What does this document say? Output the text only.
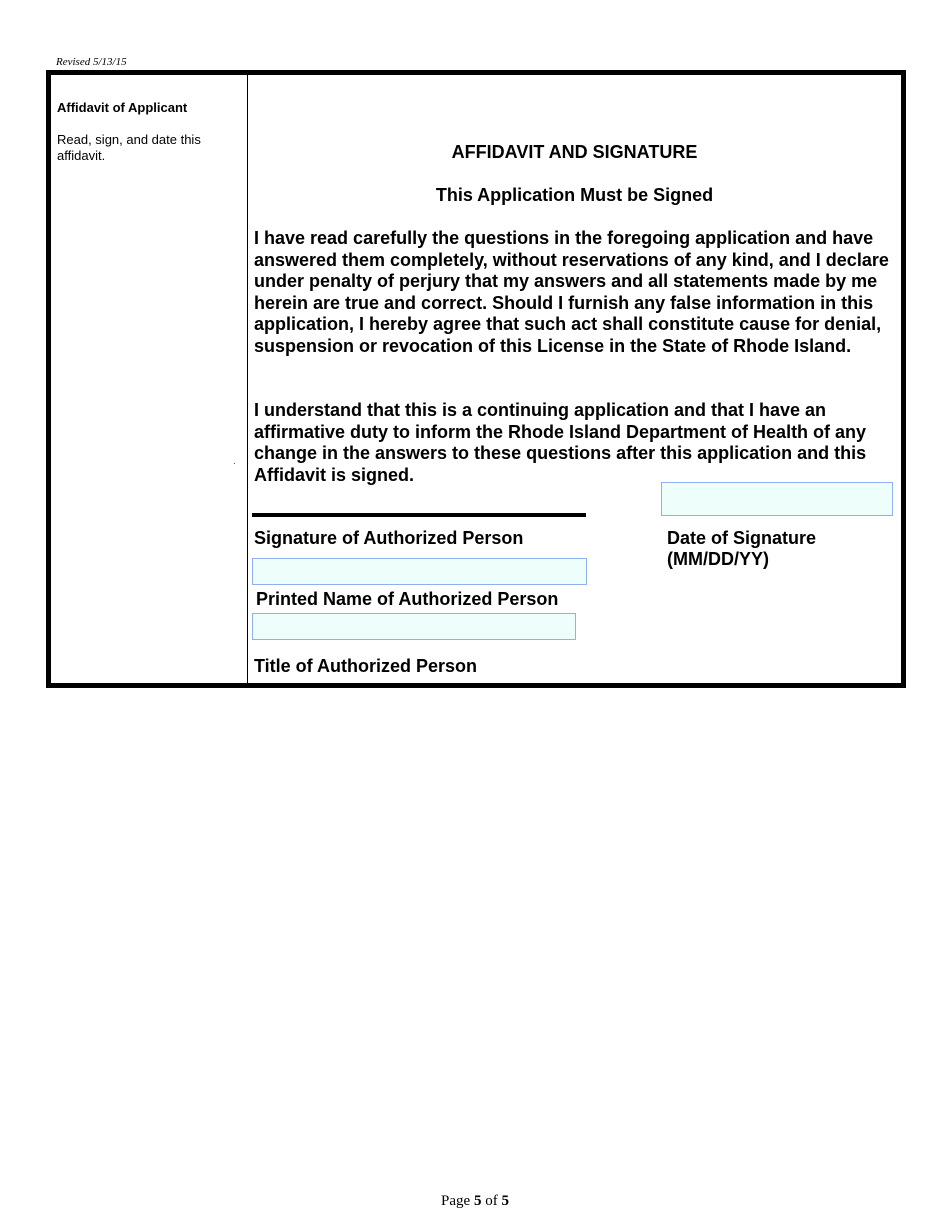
Revised 5/13/15
Affidavit of Applicant
Read, sign, and date this affidavit.
·
AFFIDAVIT AND SIGNATURE
This Application Must be Signed

I have read carefully the questions in the foregoing application and have answered them completely, without reservations of any kind, and I declare under penalty of perjury that my answers and all statements made by me herein are true and correct. Should I furnish any false information in this application, I hereby agree that such act shall constitute cause for denial, suspension or revocation of this License in the State of Rhode Island.

I understand that this is a continuing application and that I have an affirmative duty to inform the Rhode Island Department of Health of any change in the answers to these questions after this application and this Affidavit is signed.

Signature of Authorized Person	Date of Signature (MM/DD/YY)
Printed Name of Authorized Person
Title of Authorized Person
Page 5 of 5
